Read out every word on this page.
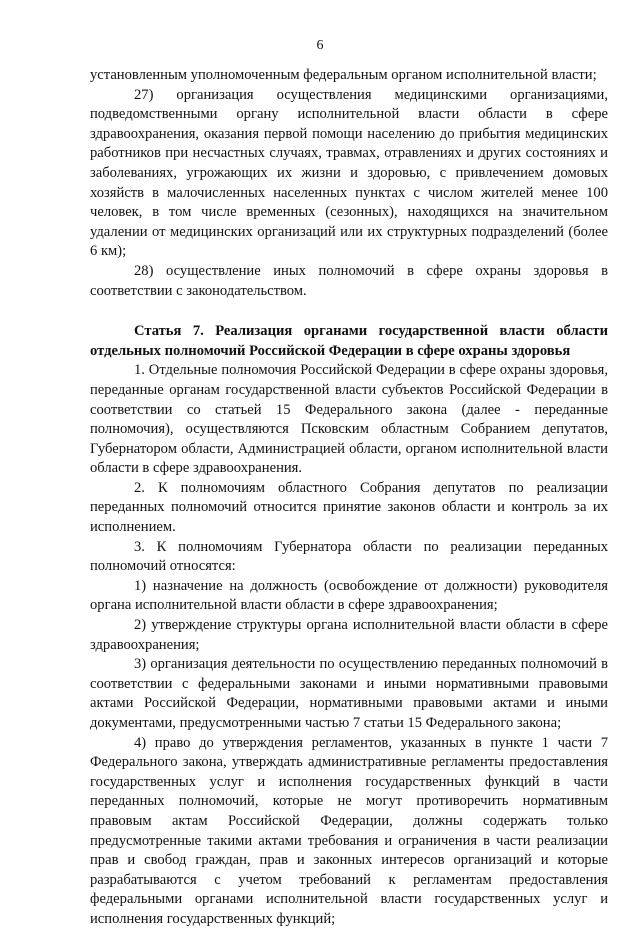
6

установленным уполномоченным федеральным органом исполнительной власти;

27) организация осуществления медицинскими организациями, подведомственными органу исполнительной власти области в сфере здравоохранения, оказания первой помощи населению до прибытия медицинских работников при несчастных случаях, травмах, отравлениях и других состояниях и заболеваниях, угрожающих их жизни и здоровью, с привлечением домовых хозяйств в малочисленных населенных пунктах с числом жителей менее 100 человек, в том числе временных (сезонных), находящихся на значительном удалении от медицинских организаций или их структурных подразделений (более 6 км);

28) осуществление иных полномочий в сфере охраны здоровья в соответствии с законодательством.

Статья 7. Реализация органами государственной власти области отдельных полномочий Российской Федерации в сфере охраны здоровья

1. Отдельные полномочия Российской Федерации в сфере охраны здоровья, переданные органам государственной власти субъектов Российской Федерации в соответствии со статьей 15 Федерального закона (далее - переданные полномочия), осуществляются Псковским областным Собранием депутатов, Губернатором области, Администрацией области, органом исполнительной власти области в сфере здравоохранения.

2. К полномочиям областного Собрания депутатов по реализации переданных полномочий относится принятие законов области и контроль за их исполнением.

3. К полномочиям Губернатора области по реализации переданных полномочий относятся:

1) назначение на должность (освобождение от должности) руководителя органа исполнительной власти области в сфере здравоохранения;

2) утверждение структуры органа исполнительной власти области в сфере здравоохранения;

3) организация деятельности по осуществлению переданных полномочий в соответствии с федеральными законами и иными нормативными правовыми актами Российской Федерации, нормативными правовыми актами и иными документами, предусмотренными частью 7 статьи 15 Федерального закона;

4) право до утверждения регламентов, указанных в пункте 1 части 7 Федерального закона, утверждать административные регламенты предоставления государственных услуг и исполнения государственных функций в части переданных полномочий, которые не могут противоречить нормативным правовым актам Российской Федерации, должны содержать только предусмотренные такими актами требования и ограничения в части реализации прав и свобод граждан, прав и законных интересов организаций и которые разрабатываются с учетом требований к регламентам предоставления федеральными органами исполнительной власти государственных услуг и исполнения государственных функций;
